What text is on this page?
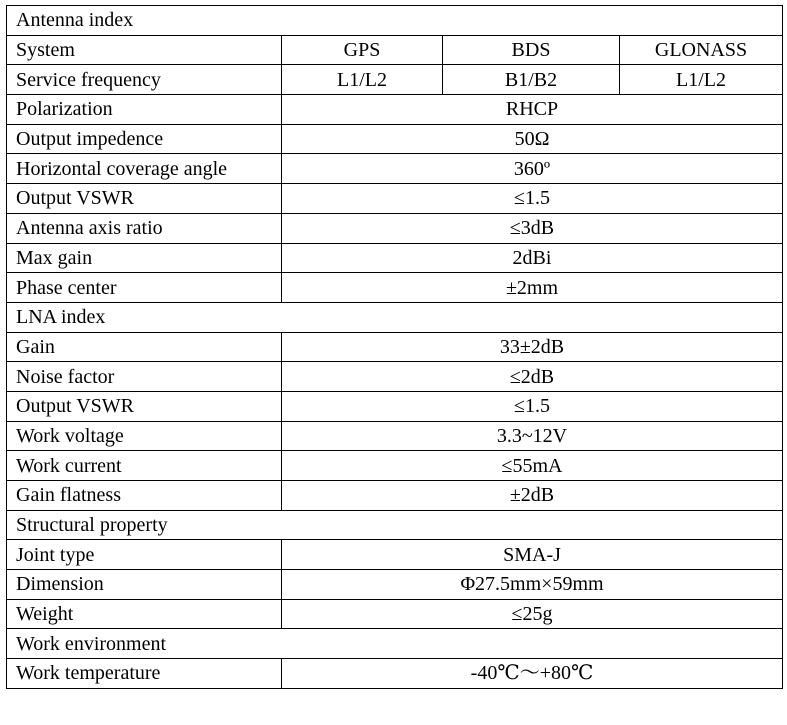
Antenna index			
System	GPS	BDS	GLONASS
Service frequency	L1/L2	B1/B2	L1/L2
Polarization	RHCP		
Output impedence	50Ω		
Horizontal coverage angle	360º		
Output VSWR	≤1.5		
Antenna axis ratio	≤3dB		
Max gain	2dBi		
Phase center	±2mm		
LNA index			
Gain	33±2dB		
Noise factor	≤2dB		
Output VSWR	≤1.5		
Work voltage	3.3~12V		
Work current	≤55mA		
Gain flatness	±2dB		
Structural property			
Joint type	SMA-J		
Dimension	Φ27.5mm×59mm		
Weight	≤25g		
Work environment			
Work temperature	-40℃～+80℃		
